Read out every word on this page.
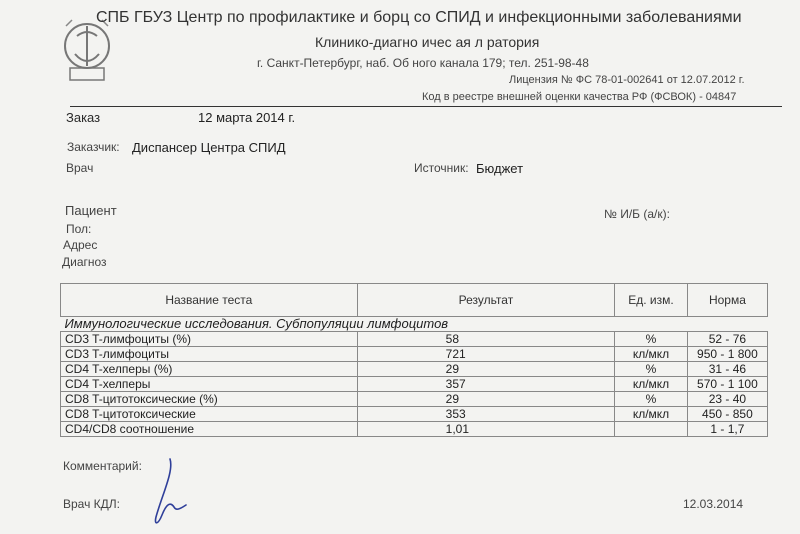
СПБ ГБУЗ Центр по профилактике и борц со СПИД и инфекционными заболеваниями
Клинико-диагно ичес ая л ратория
г. Санкт-Петербург, наб. Об ного канала 179; тел. 251-98-48
Лицензия № ФС 78-01-002641 от 12.07.2012 г.
Код в реестре внешней оценки качества РФ (ФСВОК) - 04847
Заказ	12 марта 2014 г.
Заказчик: Диспансер Центра СПИД
Врач	Источник: Бюджет
Пациент	№ И/Б (а/к):
Пол:
Адрес
Диагноз
Название теста	Результат	Ед. изм.	Норма
Иммунологические исследования. Субпопуляции лимфоцитов			
CD3 T-лимфоциты (%)	58	%	52 - 76
CD3 T-лимфоциты	721	кл/мкл	950 - 1 800
CD4 T-хелперы (%)	29	%	31 - 46
CD4 T-хелперы	357	кл/мкл	570 - 1 100
CD8 T-цитотоксические (%)	29	%	23 - 40
CD8 T-цитотоксические	353	кл/мкл	450 - 850
CD4/CD8 соотношение	1,01		1 - 1,7
Комментарий:
Врач КДЛ:	12.03.2014
